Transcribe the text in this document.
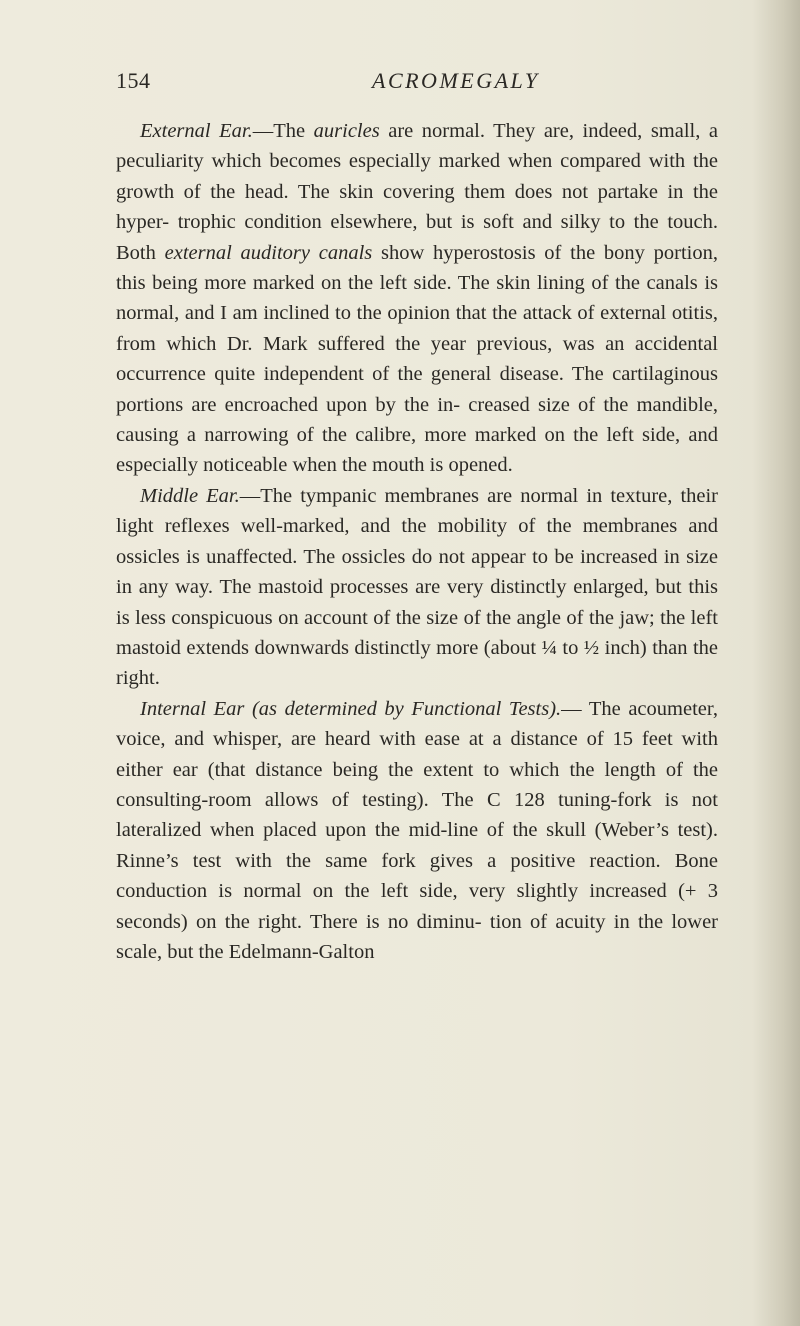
154	ACROMEGALY

External Ear.—The auricles are normal. They are, indeed, small, a peculiarity which becomes especially marked when compared with the growth of the head. The skin covering them does not partake in the hyper- trophic condition elsewhere, but is soft and silky to the touch. Both external auditory canals show hyperostosis of the bony portion, this being more marked on the left side. The skin lining of the canals is normal, and I am inclined to the opinion that the attack of external otitis, from which Dr. Mark suffered the year previous, was an accidental occurrence quite independent of the general disease. The cartilaginous portions are encroached upon by the in- creased size of the mandible, causing a narrowing of the calibre, more marked on the left side, and especially noticeable when the mouth is opened.

Middle Ear.—The tympanic membranes are normal in texture, their light reflexes well-marked, and the mobility of the membranes and ossicles is unaffected. The ossicles do not appear to be increased in size in any way. The mastoid processes are very distinctly enlarged, but this is less conspicuous on account of the size of the angle of the jaw; the left mastoid extends downwards distinctly more (about ¼ to ½ inch) than the right.

Internal Ear (as determined by Functional Tests).— The acoumeter, voice, and whisper, are heard with ease at a distance of 15 feet with either ear (that distance being the extent to which the length of the consulting-room allows of testing). The C 128 tuning-fork is not lateralized when placed upon the mid-line of the skull (Weber’s test). Rinne’s test with the same fork gives a positive reaction. Bone conduction is normal on the left side, very slightly increased (+ 3 seconds) on the right. There is no diminu- tion of acuity in the lower scale, but the Edelmann-Galton
